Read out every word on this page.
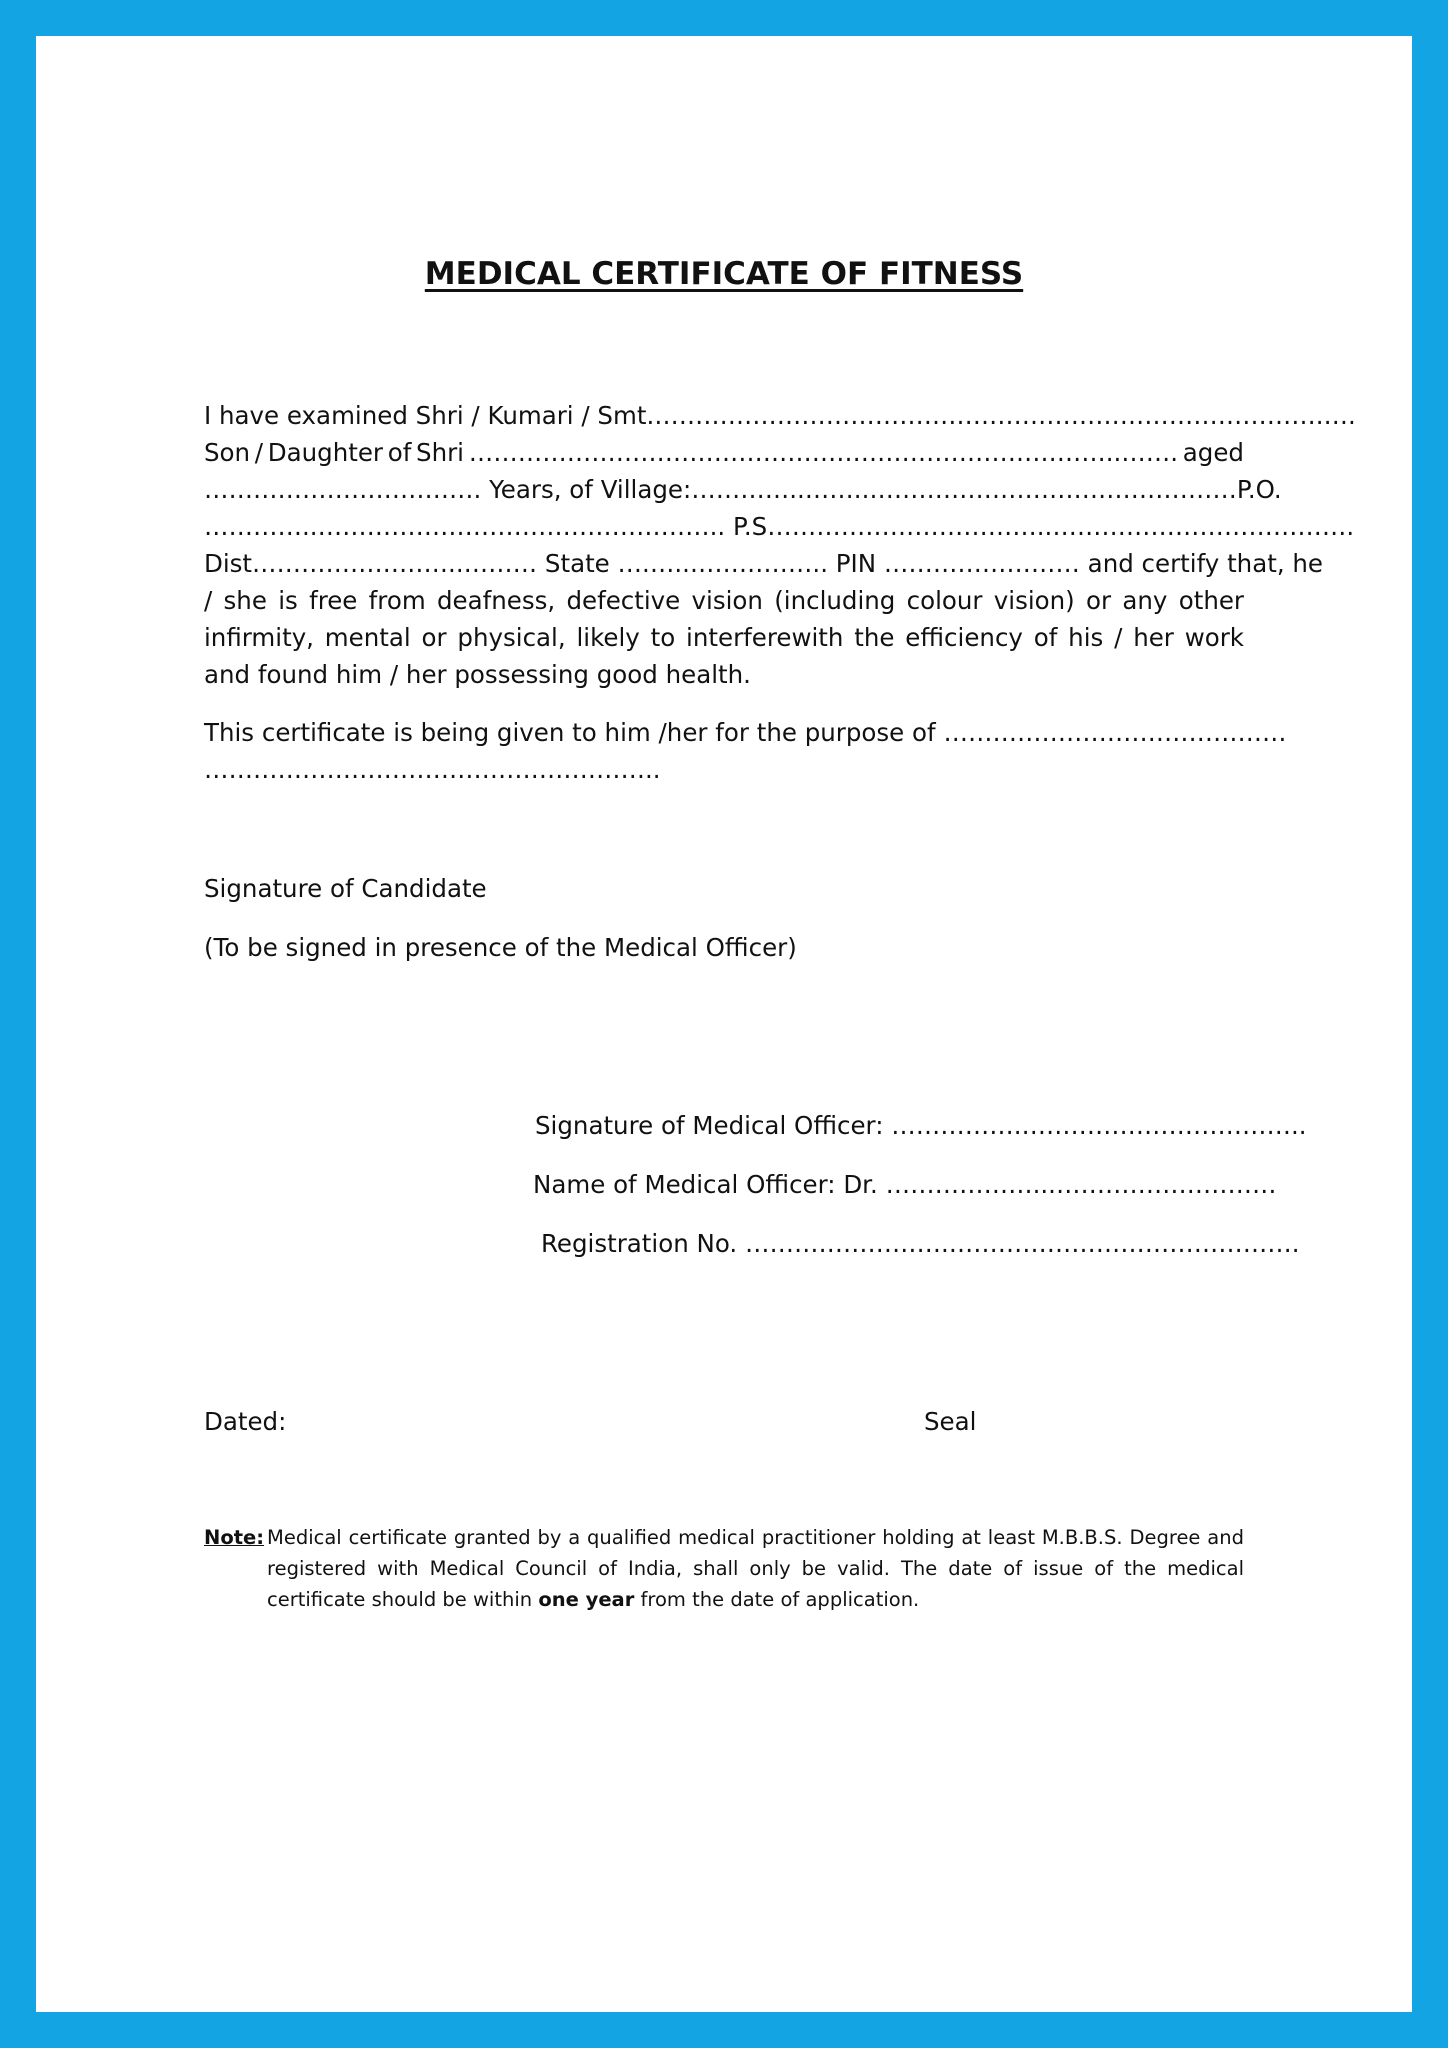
MEDICAL CERTIFICATE OF FITNESS
I have examined Shri / Kumari / Smt. ……………………………………………………………………….….
Son / Daughter of Shri ……………………………………………………………………..……. aged
……………………………. Years, of Village: …………..……..……………………………………… P.O.
…………..………………………………………….. P.S ……………………………..……………………………….
Dist……………………..……… State ….…..…………….. PIN …………………… and certify that, he
/ she is free from deafness, defective vision (including colour vision) or any other infirmity, mental or physical, likely to interferewith the efficiency of his / her work and found him / her possessing good health.
This certificate is being given to him /her for the purpose of ……………………………………
………………………………………………..
Signature of Candidate
(To be signed in presence of the Medical Officer)
Signature of Medical Officer: …………….……………………………..
Name of Medical Officer: Dr. ………………...………………………
Registration No. …………………….…………………………………….
Dated:	Seal
Note: Medical certificate granted by a qualified medical practitioner holding at least M.B.B.S. Degree and registered with Medical Council of India, shall only be valid. The date of issue of the medical certificate should be within one year from the date of application.
